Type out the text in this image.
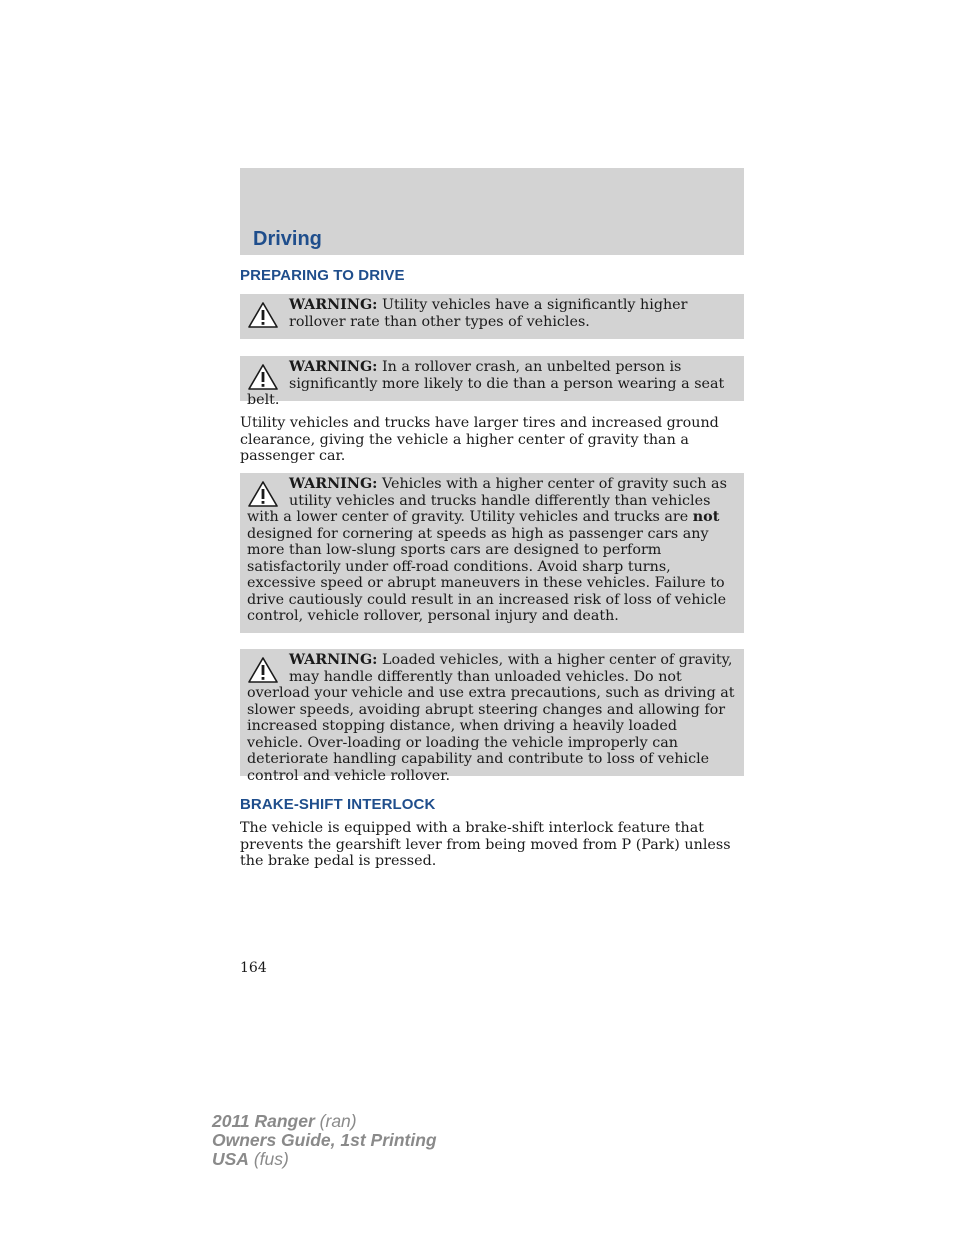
Driving
PREPARING TO DRIVE
WARNING: Utility vehicles have a significantly higher rollover rate than other types of vehicles.
WARNING: In a rollover crash, an unbelted person is significantly more likely to die than a person wearing a seat belt.
Utility vehicles and trucks have larger tires and increased ground clearance, giving the vehicle a higher center of gravity than a passenger car.
WARNING: Vehicles with a higher center of gravity such as utility vehicles and trucks handle differently than vehicles with a lower center of gravity. Utility vehicles and trucks are not designed for cornering at speeds as high as passenger cars any more than low-slung sports cars are designed to perform satisfactorily under off-road conditions. Avoid sharp turns, excessive speed or abrupt maneuvers in these vehicles. Failure to drive cautiously could result in an increased risk of loss of vehicle control, vehicle rollover, personal injury and death.
WARNING: Loaded vehicles, with a higher center of gravity, may handle differently than unloaded vehicles. Do not overload your vehicle and use extra precautions, such as driving at slower speeds, avoiding abrupt steering changes and allowing for increased stopping distance, when driving a heavily loaded vehicle. Over-loading or loading the vehicle improperly can deteriorate handling capability and contribute to loss of vehicle control and vehicle rollover.
BRAKE-SHIFT INTERLOCK
The vehicle is equipped with a brake-shift interlock feature that prevents the gearshift lever from being moved from P (Park) unless the brake pedal is pressed.
164
2011 Ranger (ran)
Owners Guide, 1st Printing
USA (fus)
